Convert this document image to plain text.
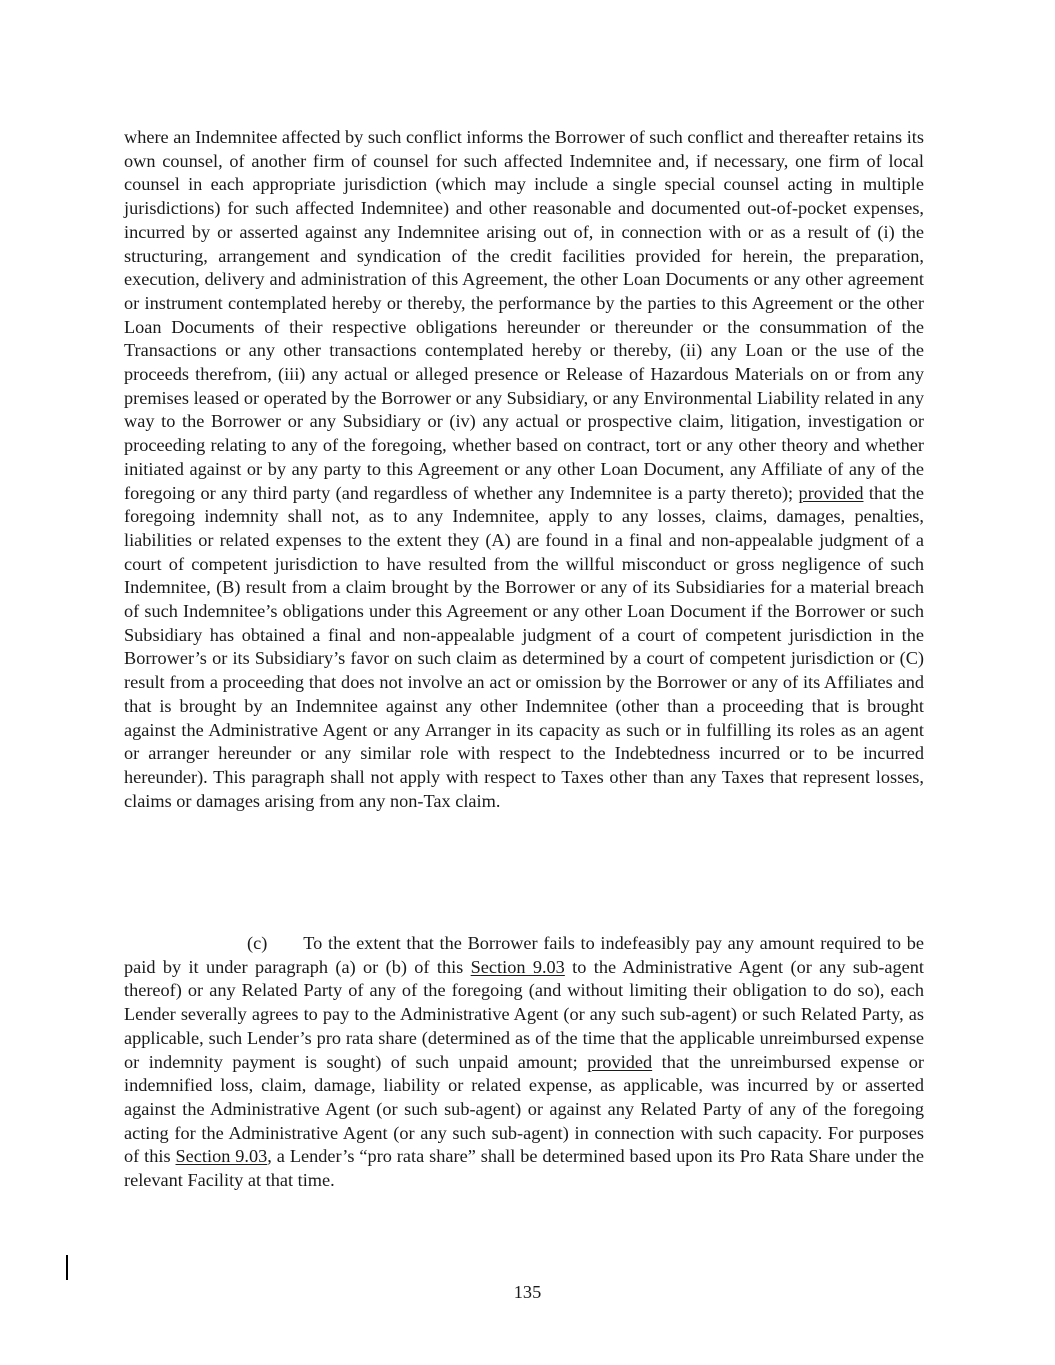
where an Indemnitee affected by such conflict informs the Borrower of such conflict and thereafter retains its own counsel, of another firm of counsel for such affected Indemnitee and, if necessary, one firm of local counsel in each appropriate jurisdiction (which may include a single special counsel acting in multiple jurisdictions) for such affected Indemnitee) and other reasonable and documented out-of-pocket expenses, incurred by or asserted against any Indemnitee arising out of, in connection with or as a result of (i) the structuring, arrangement and syndication of the credit facilities provided for herein, the preparation, execution, delivery and administration of this Agreement, the other Loan Documents or any other agreement or instrument contemplated hereby or thereby, the performance by the parties to this Agreement or the other Loan Documents of their respective obligations hereunder or thereunder or the consummation of the Transactions or any other transactions contemplated hereby or thereby, (ii) any Loan or the use of the proceeds therefrom, (iii) any actual or alleged presence or Release of Hazardous Materials on or from any premises leased or operated by the Borrower or any Subsidiary, or any Environmental Liability related in any way to the Borrower or any Subsidiary or (iv) any actual or prospective claim, litigation, investigation or proceeding relating to any of the foregoing, whether based on contract, tort or any other theory and whether initiated against or by any party to this Agreement or any other Loan Document, any Affiliate of any of the foregoing or any third party (and regardless of whether any Indemnitee is a party thereto); provided that the foregoing indemnity shall not, as to any Indemnitee, apply to any losses, claims, damages, penalties, liabilities or related expenses to the extent they (A) are found in a final and non-appealable judgment of a court of competent jurisdiction to have resulted from the willful misconduct or gross negligence of such Indemnitee, (B) result from a claim brought by the Borrower or any of its Subsidiaries for a material breach of such Indemnitee’s obligations under this Agreement or any other Loan Document if the Borrower or such Subsidiary has obtained a final and non-appealable judgment of a court of competent jurisdiction in the Borrower’s or its Subsidiary’s favor on such claim as determined by a court of competent jurisdiction or (C) result from a proceeding that does not involve an act or omission by the Borrower or any of its Affiliates and that is brought by an Indemnitee against any other Indemnitee (other than a proceeding that is brought against the Administrative Agent or any Arranger in its capacity as such or in fulfilling its roles as an agent or arranger hereunder or any similar role with respect to the Indebtedness incurred or to be incurred hereunder). This paragraph shall not apply with respect to Taxes other than any Taxes that represent losses, claims or damages arising from any non-Tax claim.

(c) To the extent that the Borrower fails to indefeasibly pay any amount required to be paid by it under paragraph (a) or (b) of this Section 9.03 to the Administrative Agent (or any sub-agent thereof) or any Related Party of any of the foregoing (and without limiting their obligation to do so), each Lender severally agrees to pay to the Administrative Agent (or any such sub-agent) or such Related Party, as applicable, such Lender’s pro rata share (determined as of the time that the applicable unreimbursed expense or indemnity payment is sought) of such unpaid amount; provided that the unreimbursed expense or indemnified loss, claim, damage, liability or related expense, as applicable, was incurred by or asserted against the Administrative Agent (or such sub-agent) or against any Related Party of any of the foregoing acting for the Administrative Agent (or any such sub-agent) in connection with such capacity. For purposes of this Section 9.03, a Lender’s “pro rata share” shall be determined based upon its Pro Rata Share under the relevant Facility at that time.

135
